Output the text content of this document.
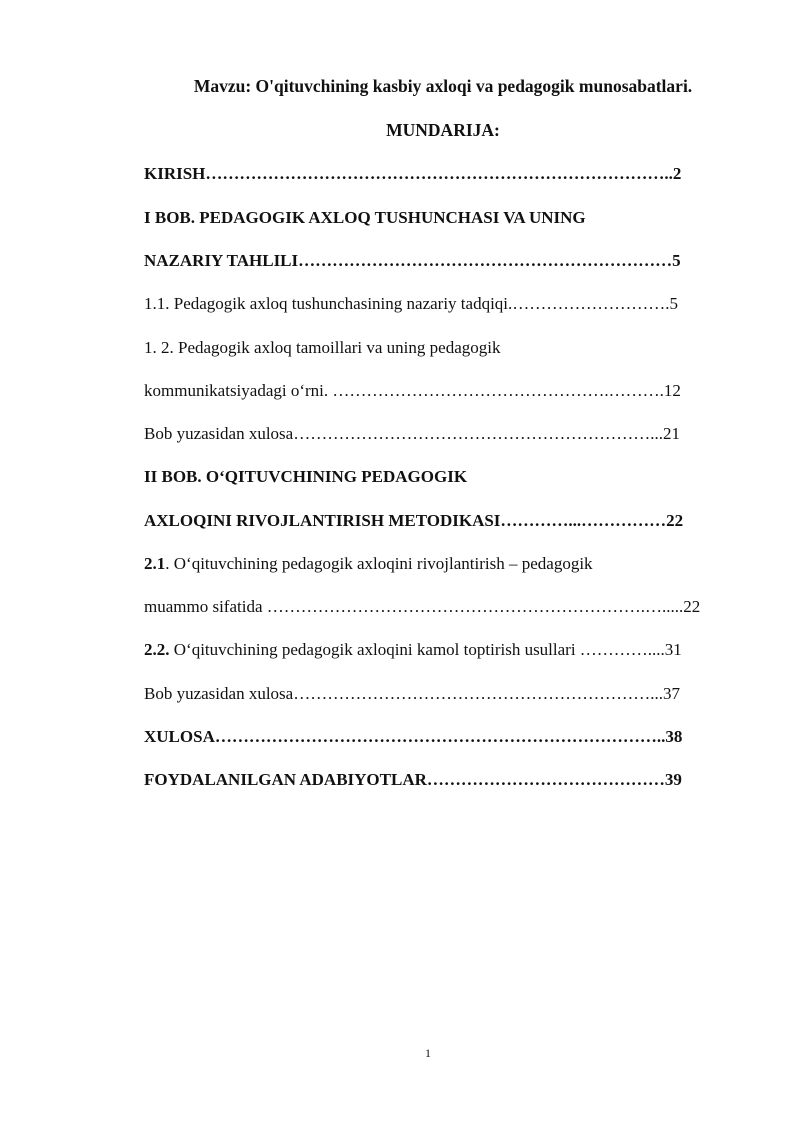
Mavzu: O'qituvchining kasbiy axloqi va pedagogik munosabatlari.
MUNDARIJA:
KIRISH………………………………………………………………………..2
I BOB. PEDAGOGIK AXLOQ TUSHUNCHASI VA UNING
NAZARIY TAHLILI…………………………………………………………5
1.1. Pedagogik axloq tushunchasining nazariy tadqiqi.……………………….5
1. 2. Pedagogik axloq tamoillari va uning pedagogik
kommunikatsiyadagi o‘rni. ………………………………………….……….12
Bob yuzasidan xulosa………………………………………………………...21
II BOB. O‘QITUVCHINING PEDAGOGIK
AXLOQINI RIVOJLANTIRISH METODIKASI…………...……………22
2.1. O‘qituvchining pedagogik axloqini rivojlantirish – pedagogik
muammo sifatida ………………………………………………………….….....22
2.2. O‘qituvchining pedagogik axloqini kamol toptirish usullari …………....31
Bob yuzasidan xulosa………………………………………………………...37
XULOSA……………………………………………………………………..38
FOYDALANILGAN ADABIYOTLAR……………………………………39
1
